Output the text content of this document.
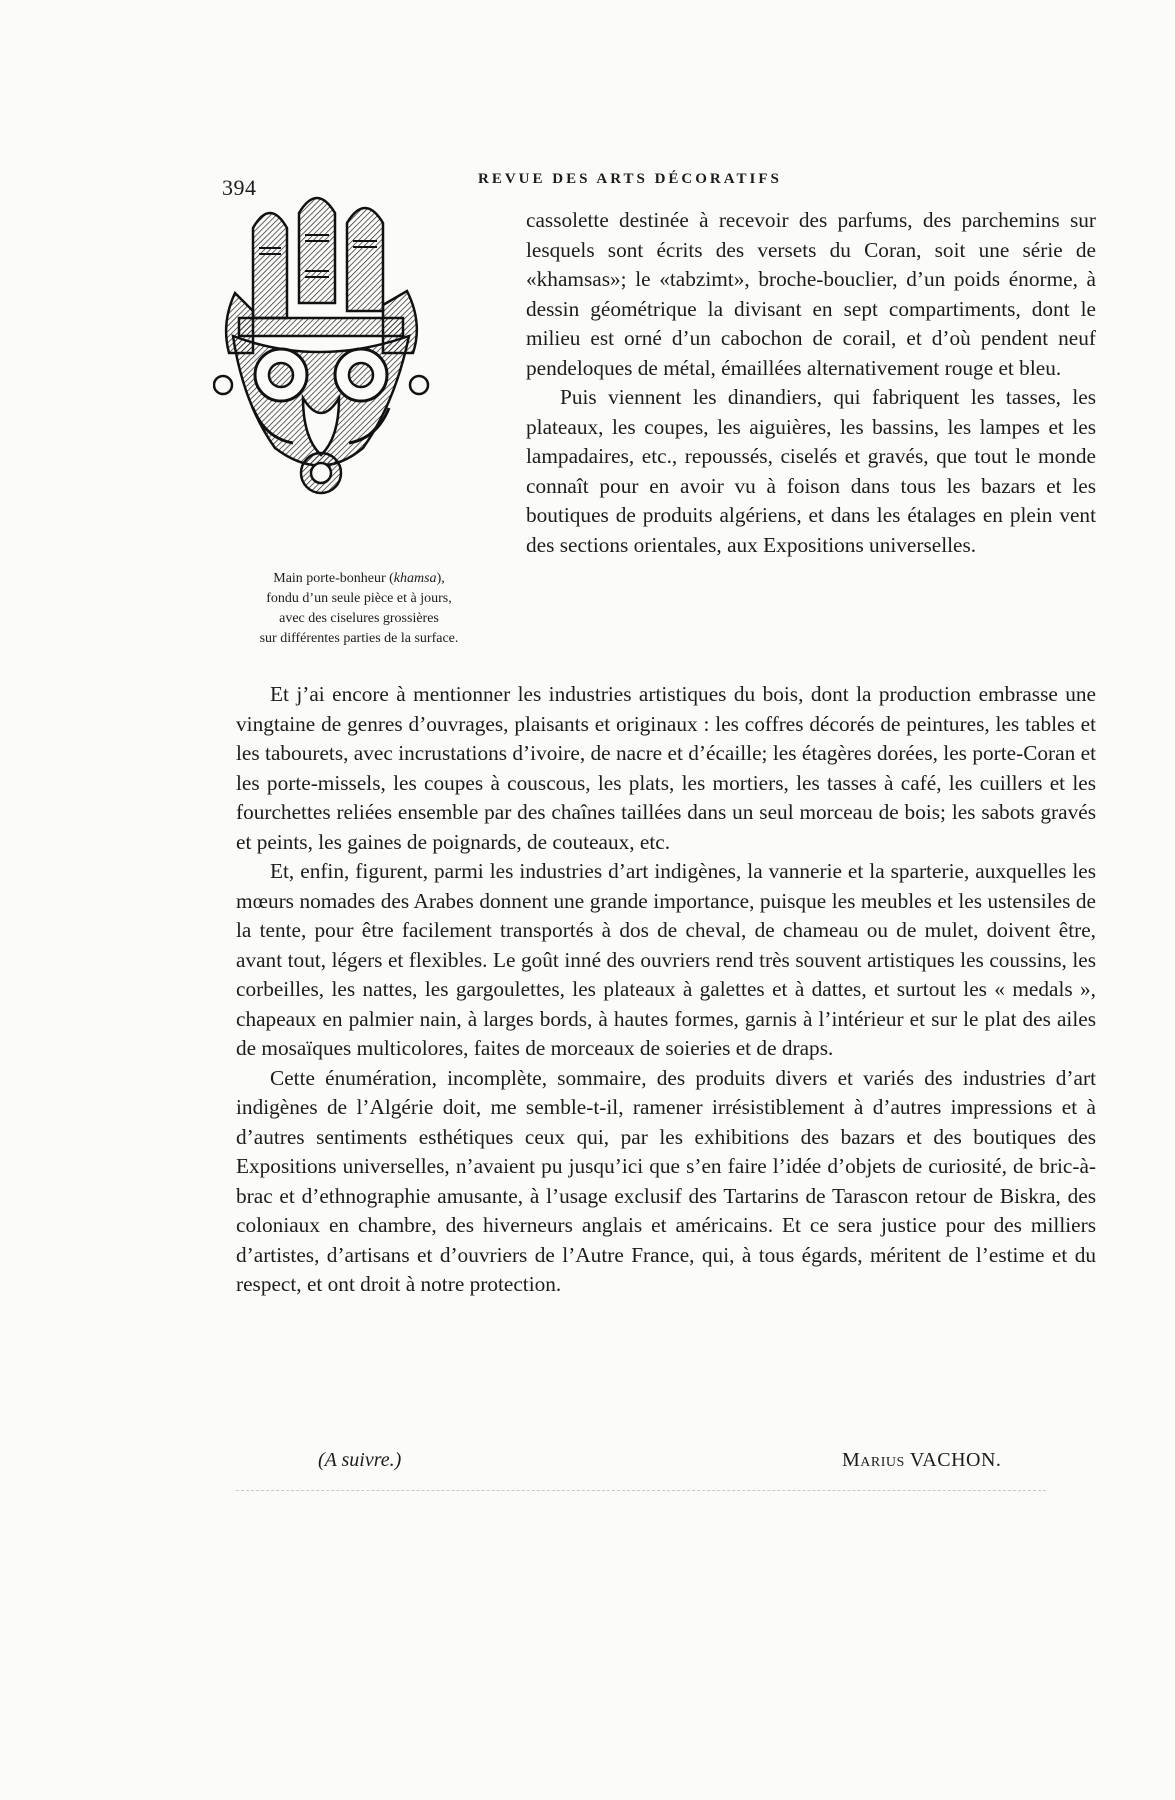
394	REVUE DES ARTS DÉCORATIFS
Main porte-bonheur (khamsa),
fondu d’un seule pièce et à jours,
avec des ciselures grossières
sur différentes parties de la surface.

cassolette destinée à recevoir des parfums, des parchemins sur lesquels sont écrits des versets du Coran, soit une série de «khamsas»; le «tabzimt», broche-bouclier, d’un poids énorme, à dessin géométrique la divisant en sept compartiments, dont le milieu est orné d’un cabochon de corail, et d’où pendent neuf pendeloques de métal, émaillées alternativement rouge et bleu.

Puis viennent les dinandiers, qui fabriquent les tasses, les plateaux, les coupes, les aiguières, les bassins, les lampes et les lampadaires, etc., repoussés, ciselés et gravés, que tout le monde connaît pour en avoir vu à foison dans tous les bazars et les boutiques de produits algériens, et dans les étalages en plein vent des sections orientales, aux Expositions universelles.

Et j’ai encore à mentionner les industries artistiques du bois, dont la production embrasse une vingtaine de genres d’ouvrages, plaisants et originaux : les coffres décorés de peintures, les tables et les tabourets, avec incrustations d’ivoire, de nacre et d’écaille; les étagères dorées, les porte-Coran et les porte-missels, les coupes à couscous, les plats, les mortiers, les tasses à café, les cuillers et les fourchettes reliées ensemble par des chaînes taillées dans un seul morceau de bois; les sabots gravés et peints, les gaines de poignards, de couteaux, etc.

Et, enfin, figurent, parmi les industries d’art indigènes, la vannerie et la sparterie, auxquelles les mœurs nomades des Arabes donnent une grande importance, puisque les meubles et les ustensiles de la tente, pour être facilement transportés à dos de cheval, de chameau ou de mulet, doivent être, avant tout, légers et flexibles. Le goût inné des ouvriers rend très souvent artistiques les coussins, les corbeilles, les nattes, les gargoulettes, les plateaux à galettes et à dattes, et surtout les « medals », chapeaux en palmier nain, à larges bords, à hautes formes, garnis à l’intérieur et sur le plat des ailes de mosaïques multicolores, faites de morceaux de soieries et de draps.

Cette énumération, incomplète, sommaire, des produits divers et variés des industries d’art indigènes de l’Algérie doit, me semble-t-il, ramener irrésistiblement à d’autres impressions et à d’autres sentiments esthétiques ceux qui, par les exhibitions des bazars et des boutiques des Expositions universelles, n’avaient pu jusqu’ici que s’en faire l’idée d’objets de curiosité, de bric-à-brac et d’ethnographie amusante, à l’usage exclusif des Tartarins de Tarascon retour de Biskra, des coloniaux en chambre, des hiverneurs anglais et américains. Et ce sera justice pour des milliers d’artistes, d’artisans et d’ouvriers de l’Autre France, qui, à tous égards, méritent de l’estime et du respect, et ont droit à notre protection.

(A suivre.)	Marius VACHON.
